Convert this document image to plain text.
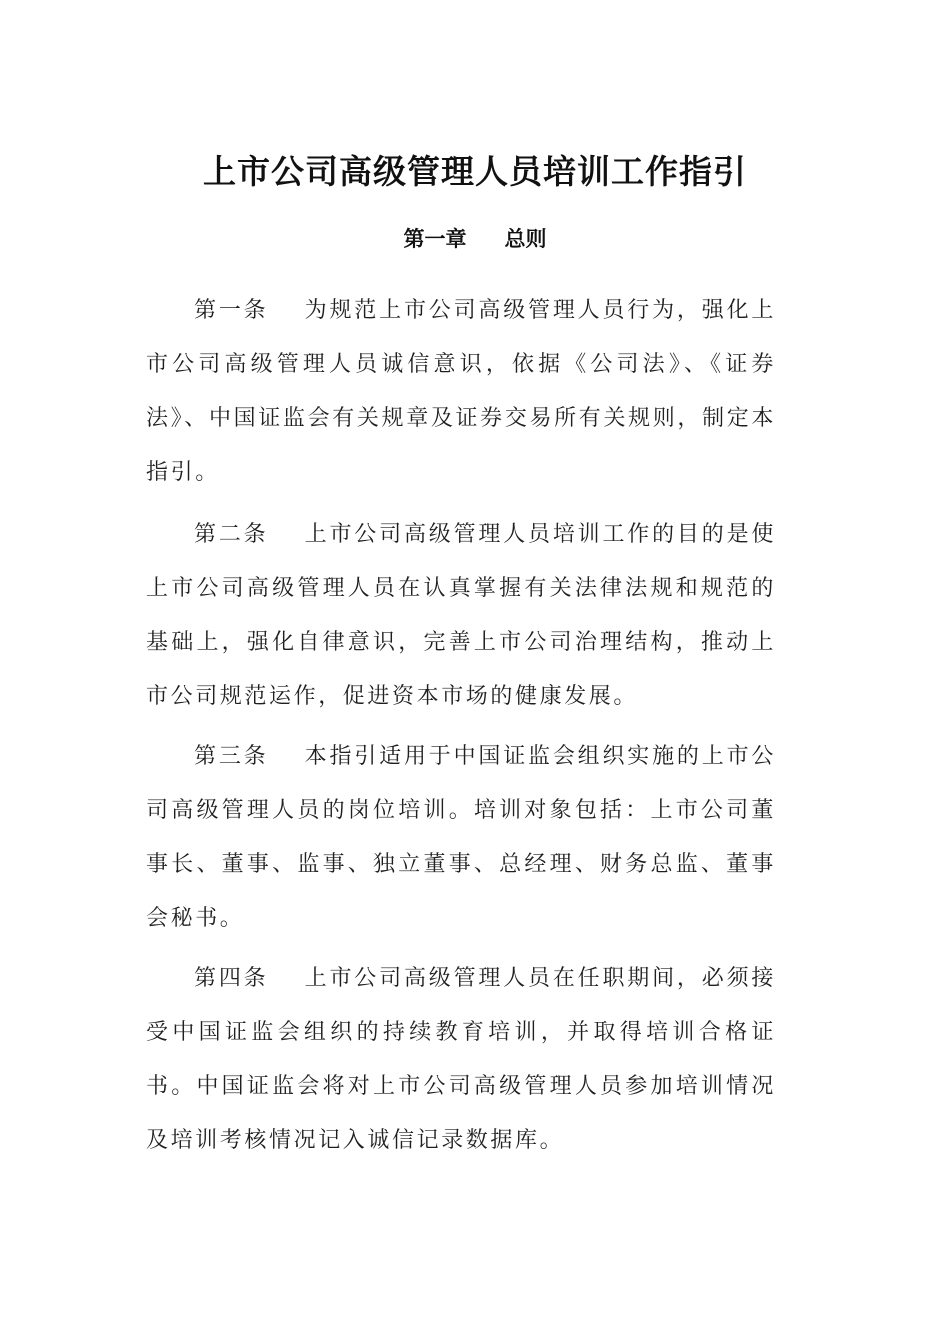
上市公司高级管理人员培训工作指引
第一章 总则

第一条 为规范上市公司高级管理人员行为，强化上市公司高级管理人员诚信意识，依据《公司法》、《证券法》、中国证监会有关规章及证券交易所有关规则，制定本指引。

第二条 上市公司高级管理人员培训工作的目的是使上市公司高级管理人员在认真掌握有关法律法规和规范的基础上，强化自律意识，完善上市公司治理结构，推动上市公司规范运作，促进资本市场的健康发展。

第三条 本指引适用于中国证监会组织实施的上市公司高级管理人员的岗位培训。培训对象包括：上市公司董事长、董事、监事、独立董事、总经理、财务总监、董事会秘书。

第四条 上市公司高级管理人员在任职期间，必须接受中国证监会组织的持续教育培训，并取得培训合格证书。中国证监会将对上市公司高级管理人员参加培训情况及培训考核情况记入诚信记录数据库。
